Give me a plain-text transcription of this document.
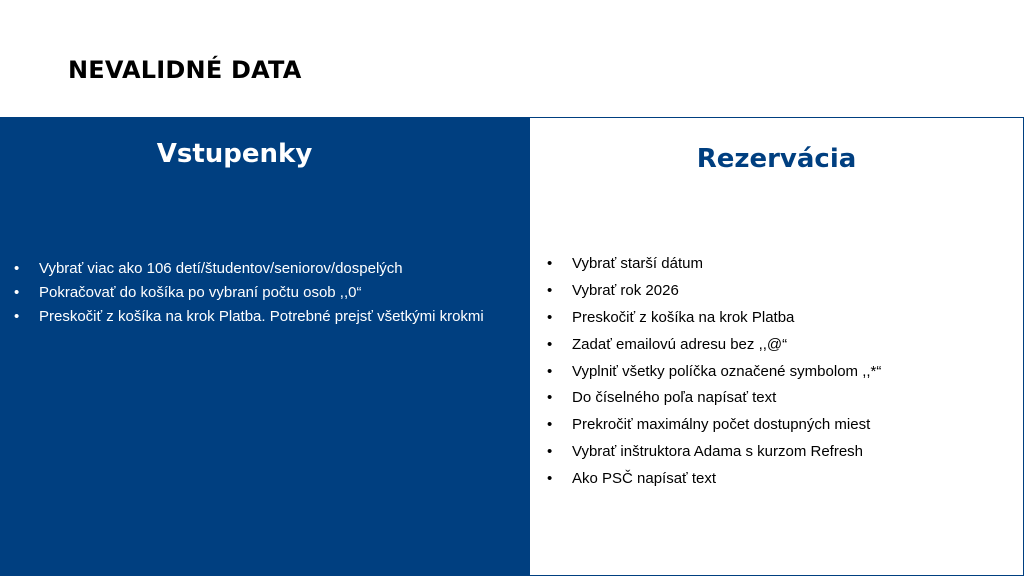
NEVALIDNÉ DATA
Vstupenky
• Vybrať viac ako 106 detí/študentov/seniorov/dospelých
• Pokračovať do košíka po vybraní počtu osob ,,0“
• Preskočiť z košíka na krok Platba. Potrebné prejsť všetkými krokmi
Rezervácia
• Vybrať starší dátum
• Vybrať rok 2026
• Preskočiť z košíka na krok Platba
• Zadať emailovú adresu bez ,,@“
• Vyplniť všetky políčka označené symbolom ,,*“
• Do číselného poľa napísať text
• Prekročiť maximálny počet dostupných miest
• Vybrať inštruktora Adama s kurzom Refresh
• Ako PSČ napísať text
